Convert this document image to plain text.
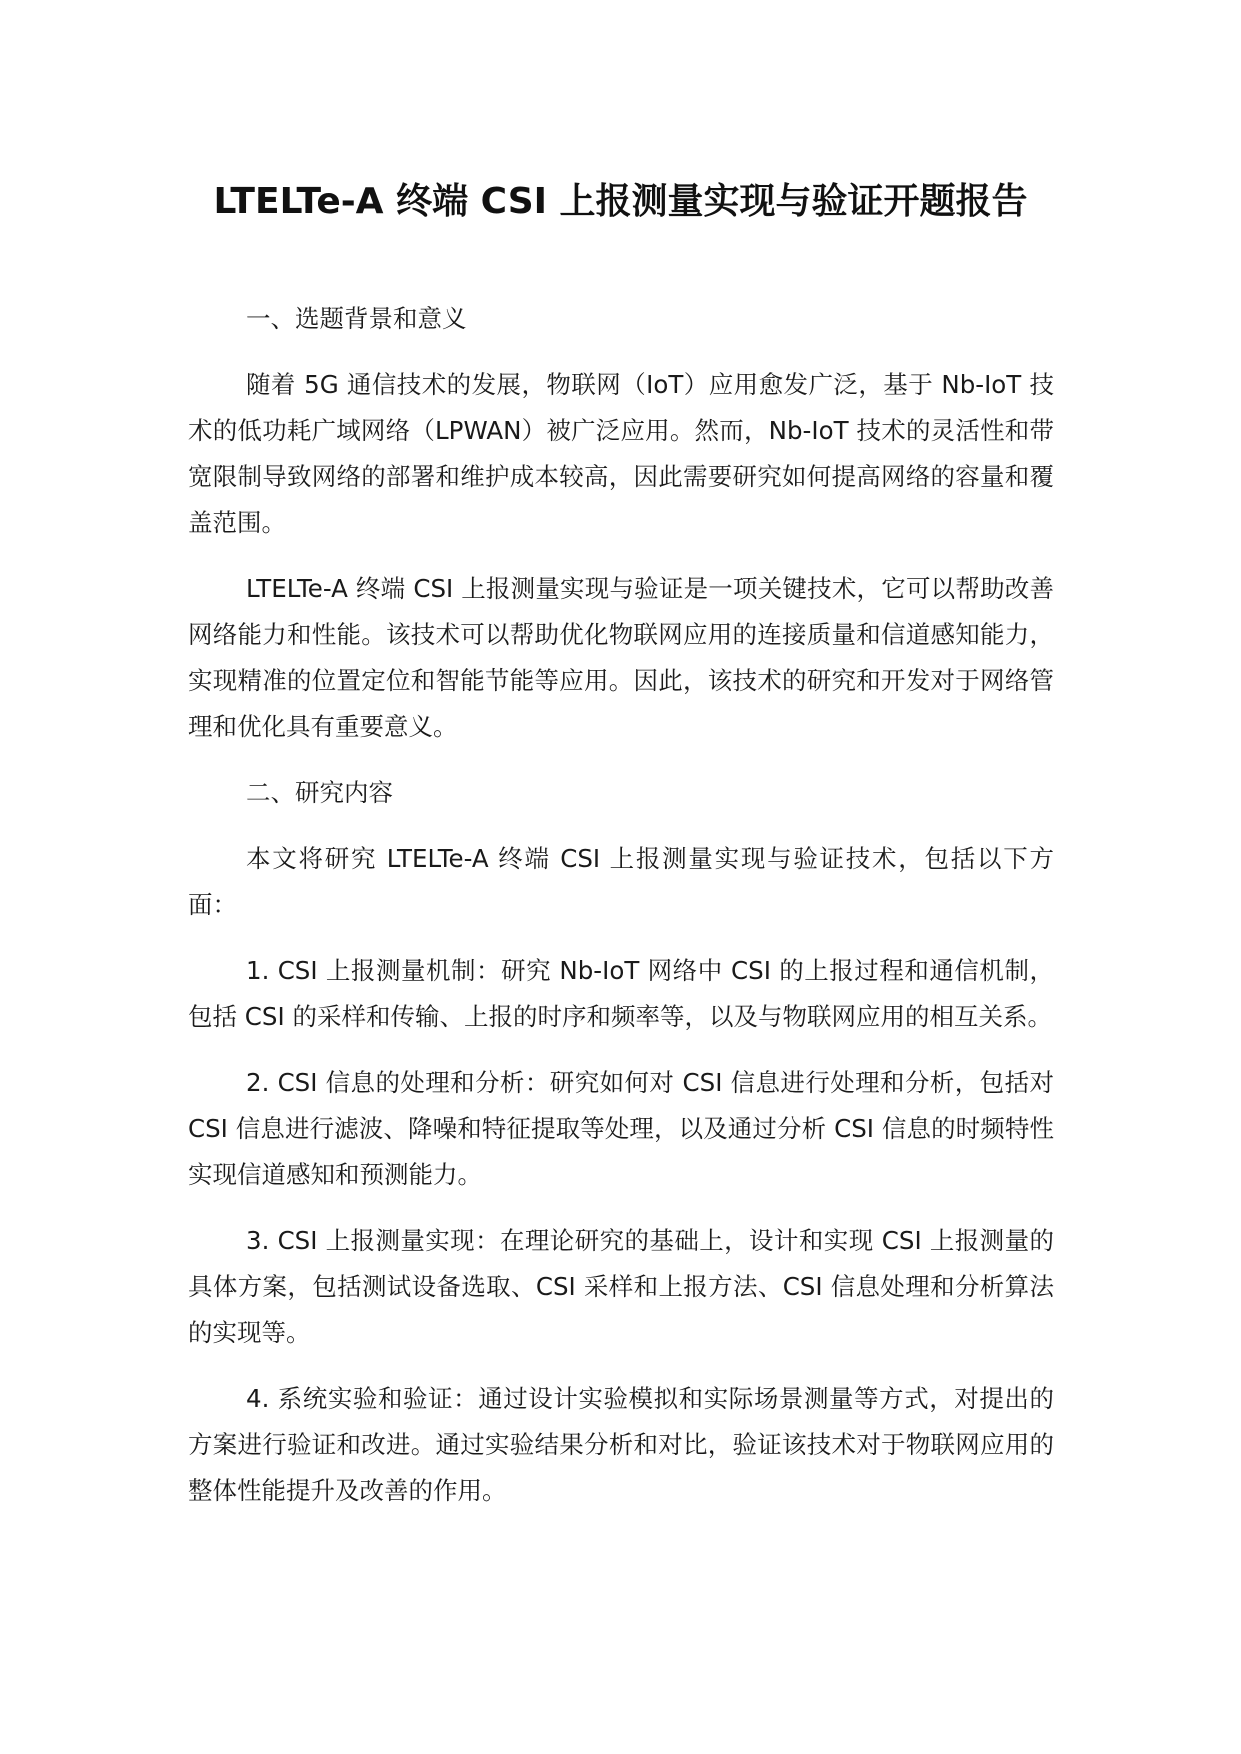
LTELTe-A 终端 CSI 上报测量实现与验证开题报告
一、选题背景和意义

随着 5G 通信技术的发展，物联网（IoT）应用愈发广泛，基于 Nb-IoT 技术的低功耗广域网络（LPWAN）被广泛应用。然而，Nb-IoT 技术的灵活性和带宽限制导致网络的部署和维护成本较高，因此需要研究如何提高网络的容量和覆盖范围。

LTELTe-A 终端 CSI 上报测量实现与验证是一项关键技术，它可以帮助改善网络能力和性能。该技术可以帮助优化物联网应用的连接质量和信道感知能力，实现精准的位置定位和智能节能等应用。因此，该技术的研究和开发对于网络管理和优化具有重要意义。

二、研究内容

本文将研究 LTELTe-A 终端 CSI 上报测量实现与验证技术，包括以下方面：

1. CSI 上报测量机制：研究 Nb-IoT 网络中 CSI 的上报过程和通信机制，包括 CSI 的采样和传输、上报的时序和频率等，以及与物联网应用的相互关系。

2. CSI 信息的处理和分析：研究如何对 CSI 信息进行处理和分析，包括对 CSI 信息进行滤波、降噪和特征提取等处理，以及通过分析 CSI 信息的时频特性实现信道感知和预测能力。

3. CSI 上报测量实现：在理论研究的基础上，设计和实现 CSI 上报测量的具体方案，包括测试设备选取、CSI 采样和上报方法、CSI 信息处理和分析算法的实现等。

4. 系统实验和验证：通过设计实验模拟和实际场景测量等方式，对提出的方案进行验证和改进。通过实验结果分析和对比，验证该技术对于物联网应用的整体性能提升及改善的作用。
